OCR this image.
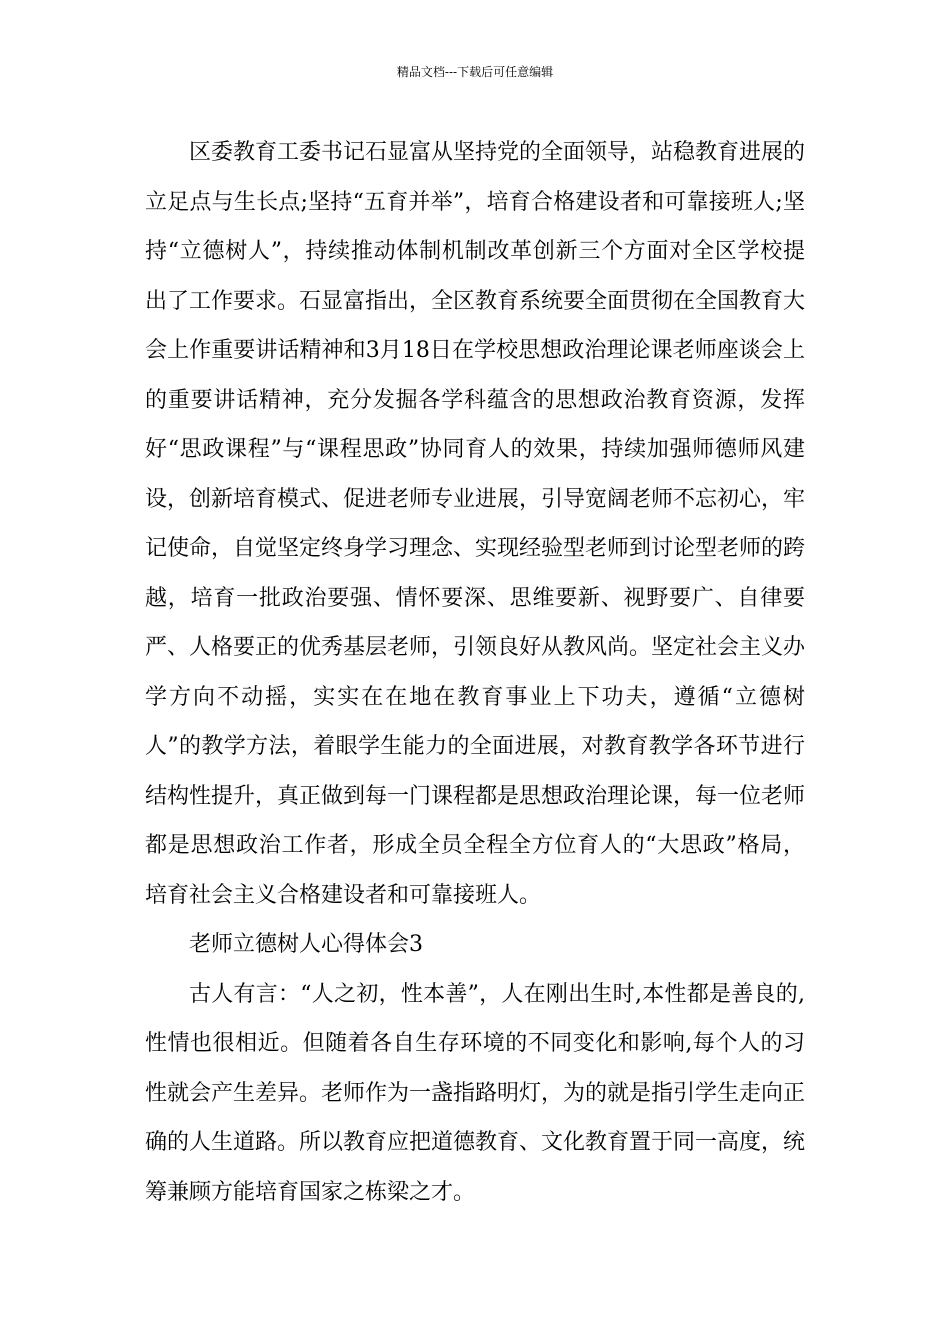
精品文档---下载后可任意编辑

区委教育工委书记石显富从坚持党的全面领导，站稳教育进展的立足点与生长点;坚持“五育并举”，培育合格建设者和可靠接班人;坚持“立德树人”，持续推动体制机制改革创新三个方面对全区学校提出了工作要求。石显富指出，全区教育系统要全面贯彻在全国教育大会上作重要讲话精神和3月18日在学校思想政治理论课老师座谈会上的重要讲话精神，充分发掘各学科蕴含的思想政治教育资源，发挥好“思政课程”与“课程思政”协同育人的效果，持续加强师德师风建设，创新培育模式、促进老师专业进展，引导宽阔老师不忘初心，牢记使命，自觉坚定终身学习理念、实现经验型老师到讨论型老师的跨越，培育一批政治要强、情怀要深、思维要新、视野要广、自律要严、人格要正的优秀基层老师，引领良好从教风尚。坚定社会主义办学方向不动摇，实实在在地在教育事业上下功夫，遵循“立德树人”的教学方法，着眼学生能力的全面进展，对教育教学各环节进行结构性提升，真正做到每一门课程都是思想政治理论课，每一位老师都是思想政治工作者，形成全员全程全方位育人的“大思政”格局，培育社会主义合格建设者和可靠接班人。

老师立德树人心得体会3

古人有言：“人之初，性本善”，人在刚出生时,本性都是善良的,性情也很相近。但随着各自生存环境的不同变化和影响,每个人的习性就会产生差异。老师作为一盏指路明灯，为的就是指引学生走向正确的人生道路。所以教育应把道德教育、文化教育置于同一高度，统筹兼顾方能培育国家之栋梁之才。
